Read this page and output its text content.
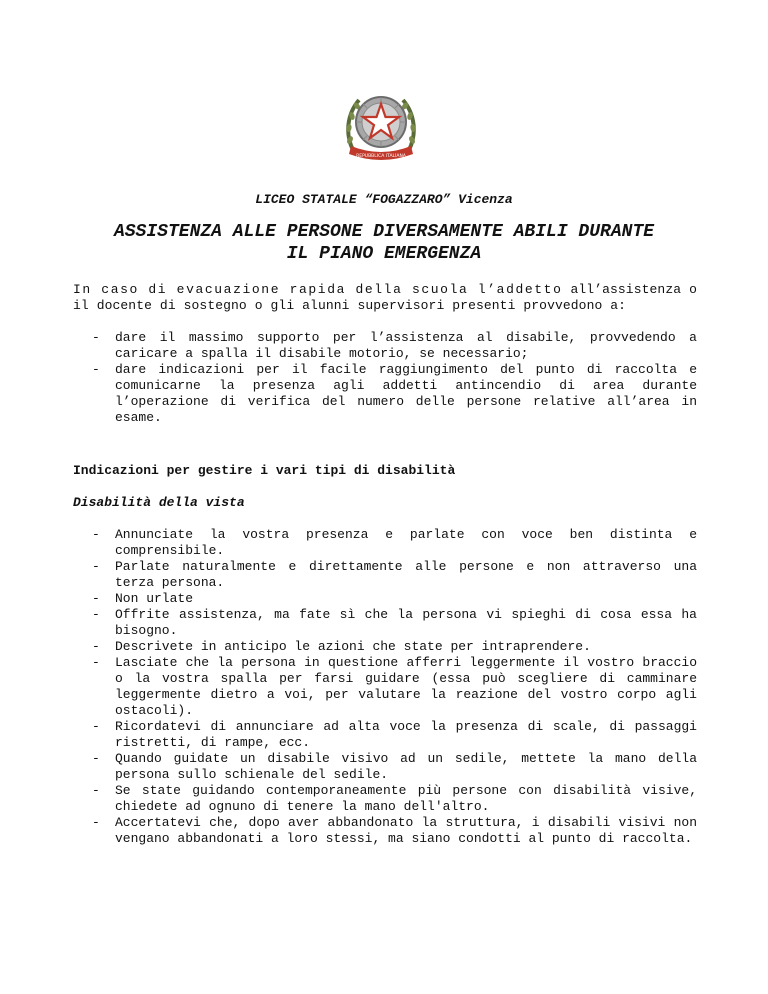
REPUBBLICA ITALIANA
LICEO STATALE “FOGAZZARO” Vicenza
ASSISTENZA ALLE PERSONE DIVERSAMENTE ABILI DURANTE
IL PIANO EMERGENZA

In caso di evacuazione rapida della scuola l’addetto all’assistenza o il docente di sostegno o gli alunni supervisori presenti provvedono a:

- dare il massimo supporto per l’assistenza al disabile, provvedendo a caricare a spalla il disabile motorio, se necessario;
- dare indicazioni per il facile raggiungimento del punto di raccolta e comunicarne la presenza agli addetti antincendio di area durante l’operazione di verifica del numero delle persone relative all’area in esame.
Indicazioni per gestire i vari tipi di disabilità
Disabilità della vista
- Annunciate la vostra presenza e parlate con voce ben distinta e comprensibile.
- Parlate naturalmente e direttamente alle persone e non attraverso una terza persona.
- Non urlate
- Offrite assistenza, ma fate sì che la persona vi spieghi di cosa essa ha bisogno.
- Descrivete in anticipo le azioni che state per intraprendere.
- Lasciate che la persona in questione afferri leggermente il vostro braccio o la vostra spalla per farsi guidare (essa può scegliere di camminare leggermente dietro a voi, per valutare la reazione del vostro corpo agli ostacoli).
- Ricordatevi di annunciare ad alta voce la presenza di scale, di passaggi ristretti, di rampe, ecc.
- Quando guidate un disabile visivo ad un sedile, mettete la mano della persona sullo schienale del sedile.
- Se state guidando contemporaneamente più persone con disabilità visive, chiedete ad ognuno di tenere la mano dell'altro.
- Accertatevi che, dopo aver abbandonato la struttura, i disabili visivi non vengano abbandonati a loro stessi, ma siano condotti al punto di raccolta.
